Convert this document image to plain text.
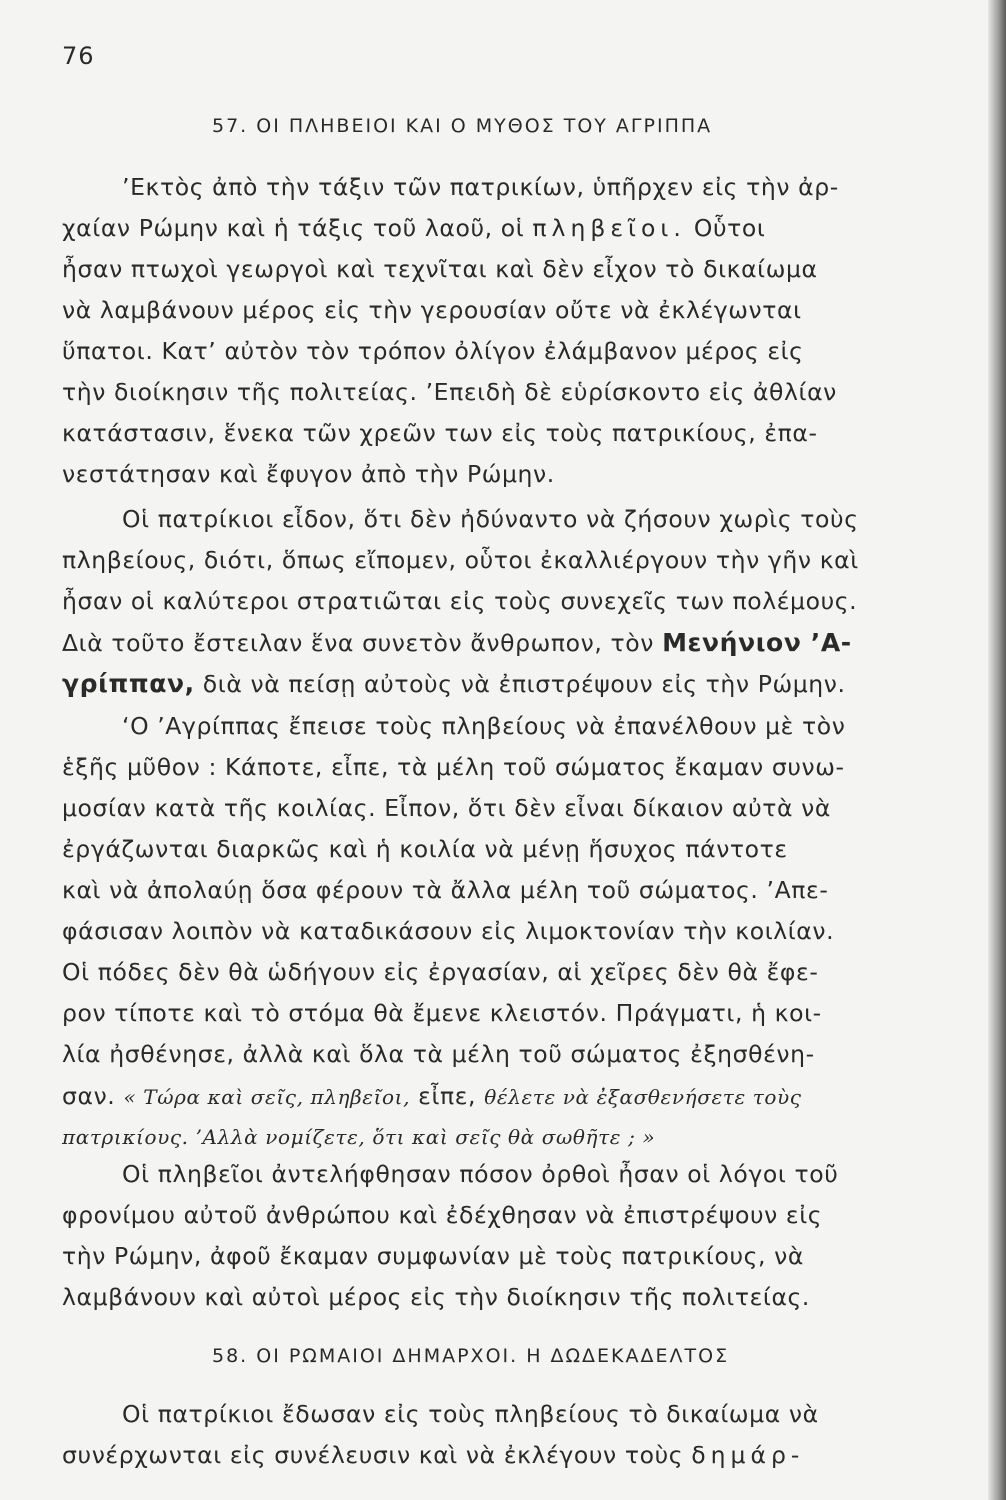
76
57. ΟΙ ΠΛΗΒΕΙΟΙ ΚΑΙ Ο ΜΥΘΟΣ ΤΟΥ ΑΓΡΙΠΠΑ
’Εκτὸς ἀπὸ τὴν τάξιν τῶν πατρικίων, ὑπῆρχεν εἰς τὴν ἀρ-
χαίαν Ρώμην καὶ ἡ τάξις τοῦ λαοῦ, οἱ πληβεῖοι. Οὗτοι
ἦσαν πτωχοὶ γεωργοὶ καὶ τεχνῖται καὶ δὲν εἶχον τὸ δικαίωμα
νὰ λαμβάνουν μέρος εἰς τὴν γερουσίαν οὔτε νὰ ἐκλέγωνται
ὕπατοι. Κατ’ αὐτὸν τὸν τρόπον ὀλίγον ἐλάμβανον μέρος εἰς
τὴν διοίκησιν τῆς πολιτείας. ’Επειδὴ δὲ εὑρίσκοντο εἰς ἀθλίαν
κατάστασιν, ἕνεκα τῶν χρεῶν των εἰς τοὺς πατρικίους, ἐπα-
νεστάτησαν καὶ ἔφυγον ἀπὸ τὴν Ρώμην.
Οἱ πατρίκιοι εἶδον, ὅτι δὲν ἠδύναντο νὰ ζήσουν χωρὶς τοὺς
πληβείους, διότι, ὅπως εἴπομεν, οὗτοι ἐκαλλιέργουν τὴν γῆν καὶ
ἦσαν οἱ καλύτεροι στρατιῶται εἰς τοὺς συνεχεῖς των πολέμους.
Διὰ τοῦτο ἔστειλαν ἕνα συνετὸν ἄνθρωπον, τὸν Μενήνιον ’Α-
γρίππαν, διὰ νὰ πείσῃ αὐτοὺς νὰ ἐπιστρέψουν εἰς τὴν Ρώμην.
‘Ο ’Αγρίππας ἔπεισε τοὺς πληβείους νὰ ἐπανέλθουν μὲ τὸν
ἑξῆς μῦθον : Κάποτε, εἶπε, τὰ μέλη τοῦ σώματος ἔκαμαν συνω-
μοσίαν κατὰ τῆς κοιλίας. Εἶπον, ὅτι δὲν εἶναι δίκαιον αὐτὰ νὰ
ἐργάζωνται διαρκῶς καὶ ἡ κοιλία νὰ μένῃ ἥσυχος πάντοτε
καὶ νὰ ἀπολαύῃ ὅσα φέρουν τὰ ἄλλα μέλη τοῦ σώματος. ’Απε-
φάσισαν λοιπὸν νὰ καταδικάσουν εἰς λιμοκτονίαν τὴν κοιλίαν.
Οἱ πόδες δὲν θὰ ὡδήγουν εἰς ἐργασίαν, αἱ χεῖρες δὲν θὰ ἔφε-
ρον τίποτε καὶ τὸ στόμα θὰ ἔμενε κλειστόν. Πράγματι, ἡ κοι-
λία ἠσθένησε, ἀλλὰ καὶ ὅλα τὰ μέλη τοῦ σώματος ἐξησθένη-
σαν. « Τώρα καὶ σεῖς, πληβεῖοι, εἶπε, θέλετε νὰ ἐξασθενήσετε τοὺς
πατρικίους. ’Αλλὰ νομίζετε, ὅτι καὶ σεῖς θὰ σωθῆτε ; »
Οἱ πληβεῖοι ἀντελήφθησαν πόσον ὀρθοὶ ἦσαν οἱ λόγοι τοῦ
φρονίμου αὐτοῦ ἀνθρώπου καὶ ἐδέχθησαν νὰ ἐπιστρέψουν εἰς
τὴν Ρώμην, ἀφοῦ ἔκαμαν συμφωνίαν μὲ τοὺς πατρικίους, νὰ
λαμβάνουν καὶ αὐτοὶ μέρος εἰς τὴν διοίκησιν τῆς πολιτείας.
58. ΟΙ ΡΩΜΑΙΟΙ ΔΗΜΑΡΧΟΙ. Η ΔΩΔΕΚΑΔΕΛΤΟΣ
Οἱ πατρίκιοι ἔδωσαν εἰς τοὺς πληβείους τὸ δικαίωμα νὰ
συνέρχωνται εἰς συνέλευσιν καὶ νὰ ἐκλέγουν τοὺς δημάρ-
